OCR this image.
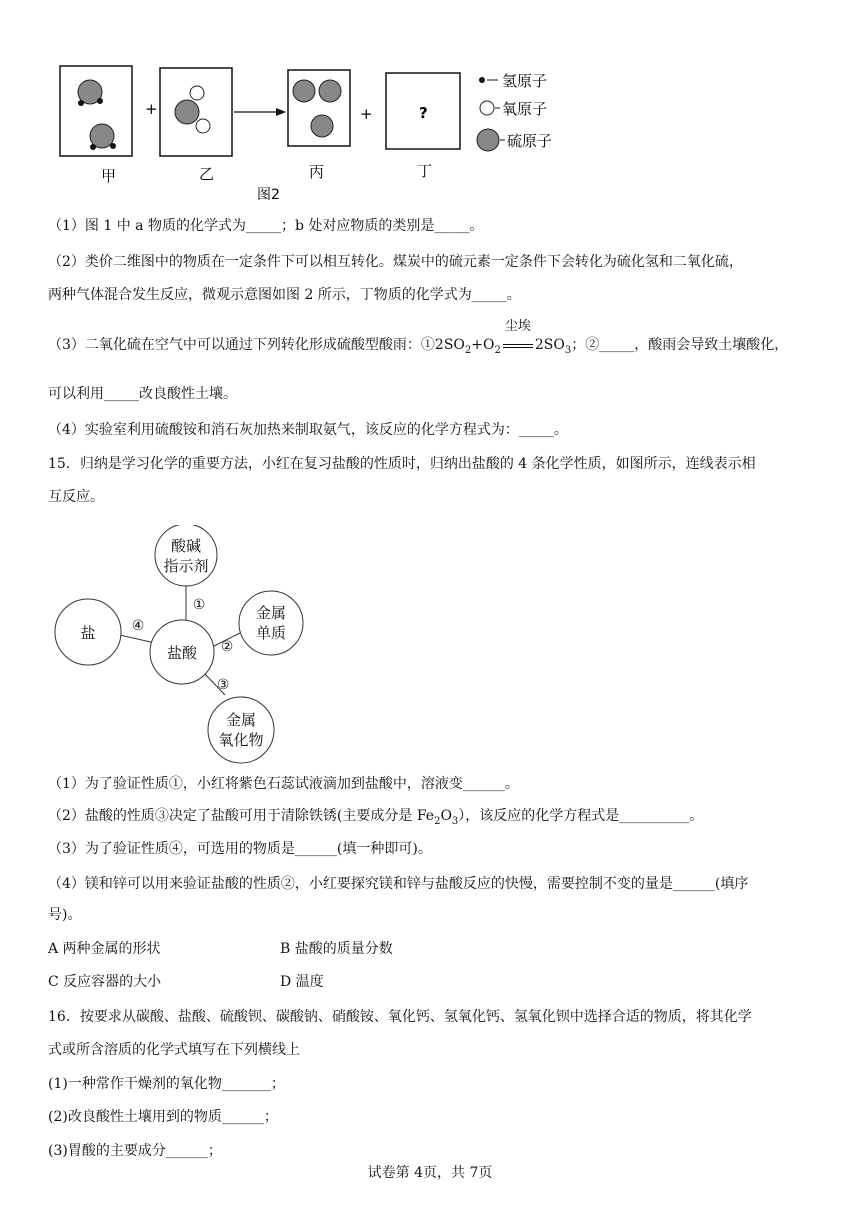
+	+	?
甲	乙	丙	丁
图2
氢原子
氧原子
硫原子
（1）图 1 中 a 物质的化学式为_____；b 处对应物质的类别是_____。
（2）类价二维图中的物质在一定条件下可以相互转化。煤炭中的硫元素一定条件下会转化为硫化氢和二氧化硫，
两种气体混合发生反应，微观示意图如图 2 所示，丁物质的化学式为_____。
（3）二氧化硫在空气中可以通过下列转化形成硫酸型酸雨：$①2SO_2+O_2$
尘埃
$2SO_3$；②_____，酸雨会导致土壤酸化，
可以利用_____改良酸性土壤。
（4）实验室利用硫酸铵和消石灰加热来制取氨气，该反应的化学方程式为：_____。
15．归纳是学习化学的重要方法，小红在复习盐酸的性质时，归纳出盐酸的 4 条化学性质，如图所示，连线表示相
互反应。
酸碱
指示剂
金属
单质
盐
盐酸
金属
氧化物
①
②
③
④
（1）为了验证性质①，小红将紫色石蕊试液滴加到盐酸中，溶液变______。
（2）盐酸的性质③决定了盐酸可用于清除铁锈(主要成分是 $Fe_2O_3$），该反应的化学方程式是__________。
（3）为了验证性质④，可选用的物质是______(填一种即可)。
（4）镁和锌可以用来验证盐酸的性质②，小红要探究镁和锌与盐酸反应的快慢，需要控制不变的量是______(填序
号)。
A 两种金属的形状	B 盐酸的质量分数
C 反应容器的大小	D 温度
16．按要求从碳酸、盐酸、硫酸钡、碳酸钠、硝酸铵、氧化钙、氢氧化钙、氢氧化钡中选择合适的物质，将其化学
式或所含溶质的化学式填写在下列横线上
(1)一种常作干燥剂的氧化物_______；
(2)改良酸性土壤用到的物质______；
(3)胃酸的主要成分______；
试卷第 4页，共 7页
